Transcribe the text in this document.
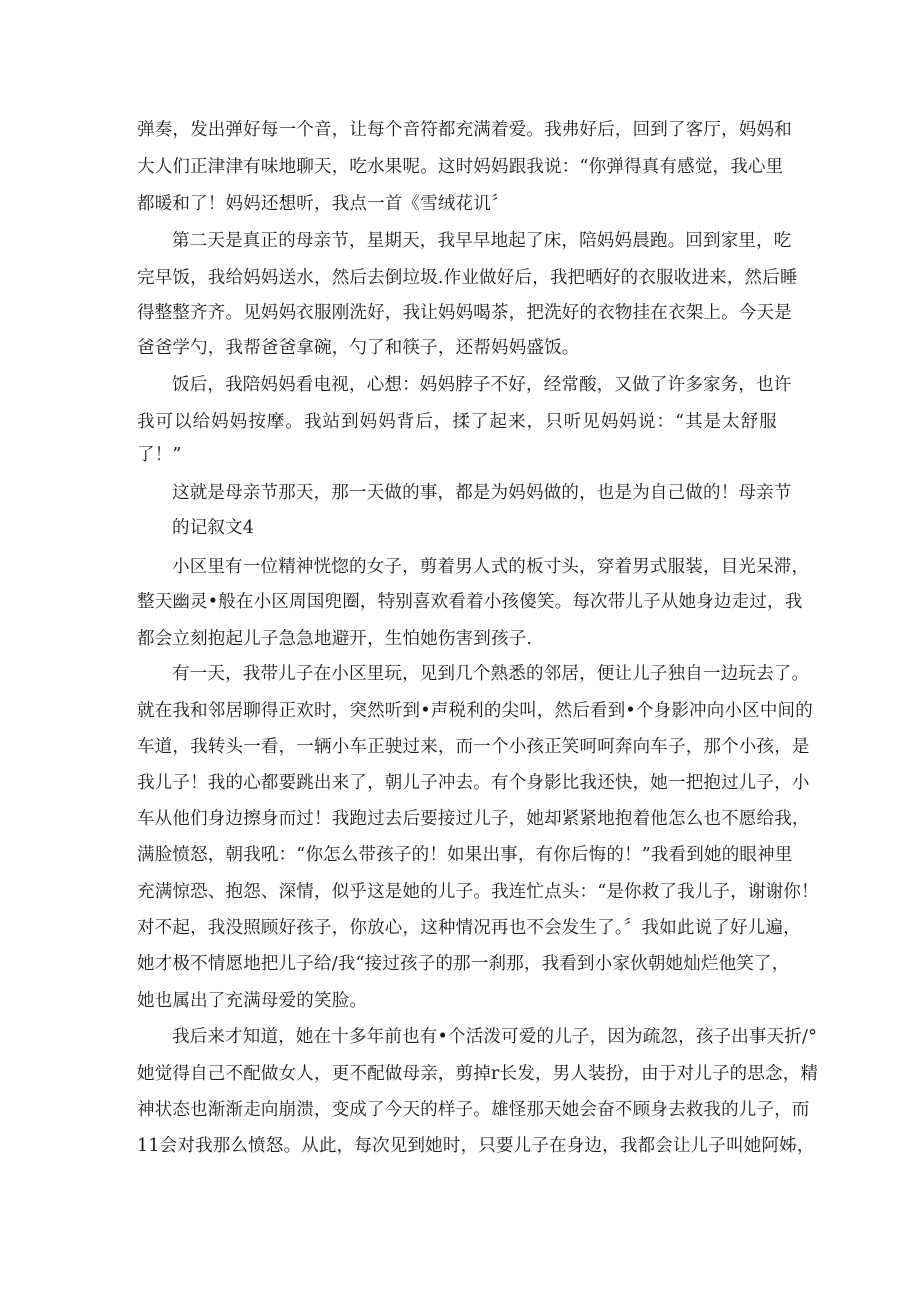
弹奏，发出弹好每一个音，让每个音符都充满着爱。我弗好后，回到了客厅，妈妈和
大人们正津津有味地聊天，吃水果呢。这时妈妈跟我说：“你弹得真有感觉，我心里
都暖和了！妈妈还想听，我点一首《雪绒花讥〞
第二天是真正的母亲节，星期天，我早早地起了床，陪妈妈晨跑。回到家里，吃
完早饭，我给妈妈送水，然后去倒垃圾.作业做好后，我把晒好的衣服收进来，然后睡
得整整齐齐。见妈妈衣服刚洗好，我让妈妈喝茶，把洗好的衣物挂在衣架上。今天是
爸爸学勺，我帮爸爸拿碗，勺了和筷子，还帮妈妈盛饭。
饭后，我陪妈妈看电视，心想：妈妈脖子不好，经常酸，又做了许多家务，也许
我可以给妈妈按摩。我站到妈妈背后，揉了起来，只听见妈妈说：“其是太舒服
了！”
这就是母亲节那天，那一天做的事，都是为妈妈做的，也是为自己做的！母亲节
的记叙文4
小区里有一位精神恍惚的女子，剪着男人式的板寸头，穿着男式服装，目光呆滞，
整天幽灵•般在小区周国兜圈，特别喜欢看着小孩傻笑。每次带儿子从她身边走过，我
都会立刻抱起儿子急急地避开，生怕她伤害到孩子.
有一天，我带儿子在小区里玩，见到几个熟悉的邻居，便让儿子独自一边玩去了。
就在我和邻居聊得正欢时，突然听到•声税利的尖叫，然后看到•个身影冲向小区中间的
车道，我转头一看，一辆小车正驶过来，而一个小孩正笑呵呵奔向车子，那个小孩，是
我儿子！我的心都要跳出来了，朝儿子冲去。有个身影比我还快，她一把抱过儿子，小
车从他们身边擦身而过！我跑过去后要接过儿子，她却紧紧地抱着他怎么也不愿给我，
满脸愤怒，朝我吼：“你怎么带孩子的！如果出事，有你后悔的！”我看到她的眼神里
充满惊恐、抱怨、深情，似乎这是她的儿子。我连忙点头：“是你救了我儿子，谢谢你！
对不起，我没照顾好孩子，你放心，这种情况再也不会发生了。〞我如此说了好儿遍，
她才极不情愿地把儿子给/我“接过孩子的那一刹那，我看到小家伙朝她灿烂他笑了，
她也属出了充满母爱的笑脸。
我后来才知道，她在十多年前也有•个活泼可爱的儿子，因为疏忽，孩子出事天折/°
她觉得自己不配做女人，更不配做母亲，剪掉r长发，男人装扮，由于对儿子的思念，精
神状态也渐渐走向崩溃，变成了今天的样子。雄怪那天她会奋不顾身去救我的儿子，而
11会对我那么愤怒。从此，每次见到她时，只要儿子在身边，我都会让儿子叫她阿姊，
